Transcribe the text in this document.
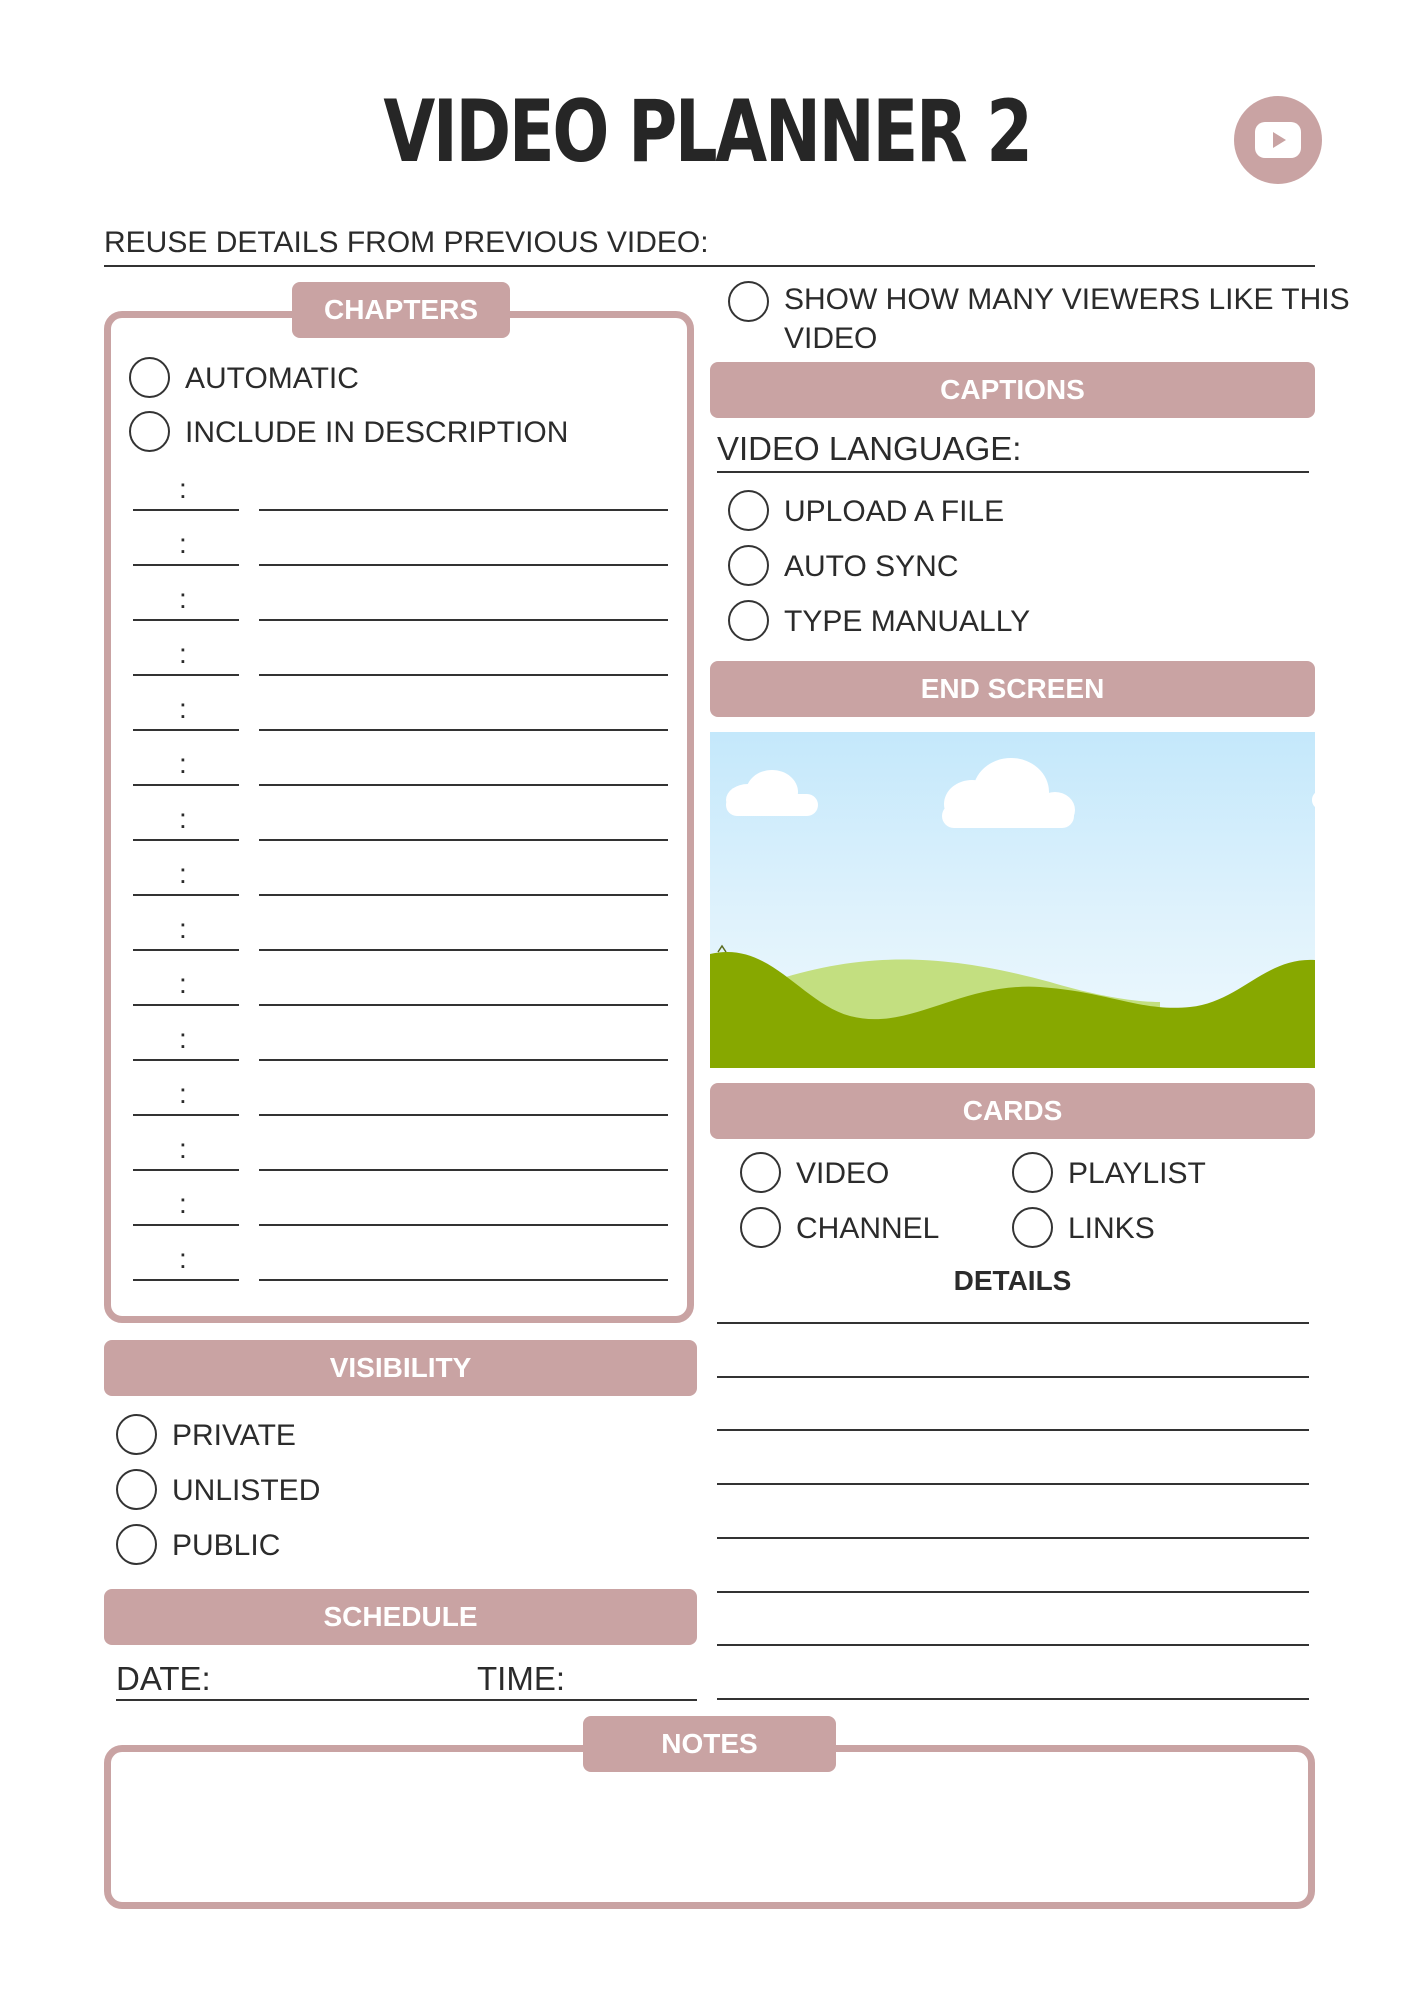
VIDEO PLANNER 2
REUSE DETAILS FROM PREVIOUS VIDEO:
CHAPTERS
AUTOMATIC
INCLUDE IN DESCRIPTION
:
:
:
:
:
:
:
:
:
:
:
:
:
:
:
SHOW HOW MANY VIEWERS LIKE THIS
VIDEO
CAPTIONS
VIDEO LANGUAGE:
UPLOAD A FILE
AUTO SYNC
TYPE MANUALLY
END SCREEN
CARDS
VIDEO	PLAYLIST
CHANNEL	LINKS
DETAILS
VISIBILITY
PRIVATE
UNLISTED
PUBLIC
SCHEDULE
DATE:	TIME:
NOTES
